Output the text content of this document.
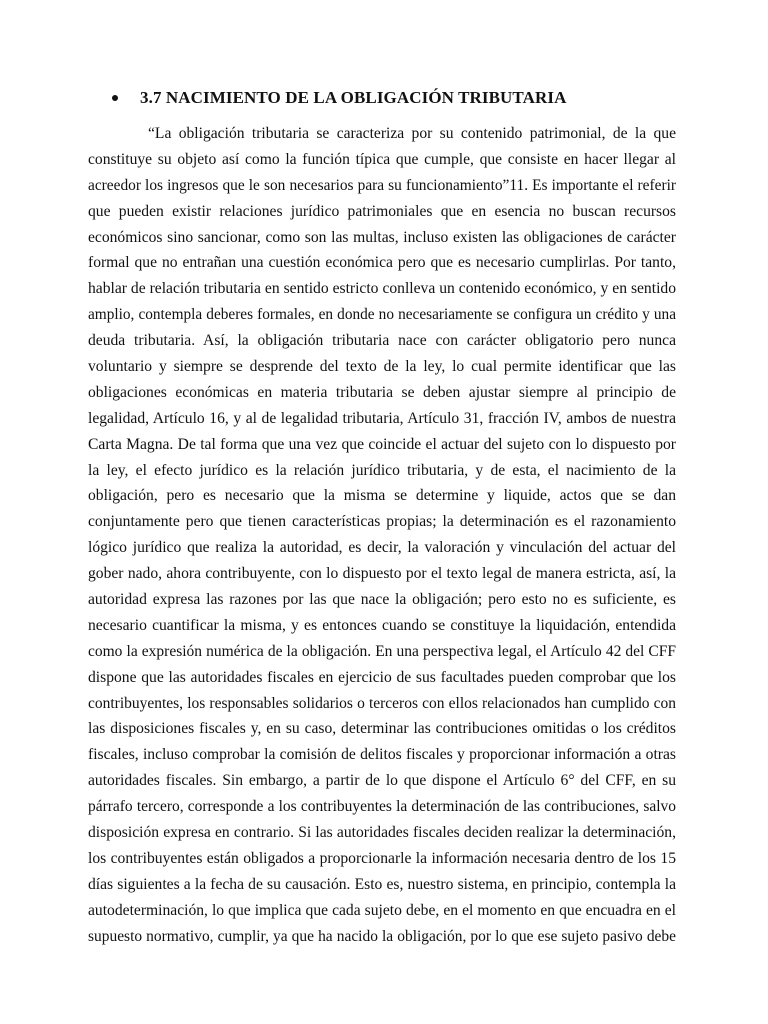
3.7 NACIMIENTO DE LA OBLIGACIÓN TRIBUTARIA
“La obligación tributaria se caracteriza por su contenido patrimonial, de la que
constituye su objeto así como la función típica que cumple, que consiste en hacer llegar al
acreedor los ingresos que le son necesarios para su funcionamiento”11. Es importante el referir
que pueden existir relaciones jurídico patrimoniales que en esencia no buscan recursos
económicos sino sancionar, como son las multas, incluso existen las obligaciones de carácter
formal que no entrañan una cuestión económica pero que es necesario cumplirlas. Por tanto,
hablar de relación tributaria en sentido estricto conlleva un contenido económico, y en sentido
amplio, contempla deberes formales, en donde no necesariamente se configura un crédito y una
deuda tributaria. Así, la obligación tributaria nace con carácter obligatorio pero nunca
voluntario y siempre se desprende del texto de la ley, lo cual permite identificar que las
obligaciones económicas en materia tributaria se deben ajustar siempre al principio de
legalidad, Artículo 16, y al de legalidad tributaria, Artículo 31, fracción IV, ambos de nuestra
Carta Magna. De tal forma que una vez que coincide el actuar del sujeto con lo dispuesto por
la ley, el efecto jurídico es la relación jurídico tributaria, y de esta, el nacimiento de la
obligación, pero es necesario que la misma se determine y liquide, actos que se dan
conjuntamente pero que tienen características propias; la determinación es el razonamiento
lógico jurídico que realiza la autoridad, es decir, la valoración y vinculación del actuar del
gober nado, ahora contribuyente, con lo dispuesto por el texto legal de manera estricta, así, la
autoridad expresa las razones por las que nace la obligación; pero esto no es suficiente, es
necesario cuantificar la misma, y es entonces cuando se constituye la liquidación, entendida
como la expresión numérica de la obligación. En una perspectiva legal, el Artículo 42 del CFF
dispone que las autoridades fiscales en ejercicio de sus facultades pueden comprobar que los
contribuyentes, los responsables solidarios o terceros con ellos relacionados han cumplido con
las disposiciones fiscales y, en su caso, determinar las contribuciones omitidas o los créditos
fiscales, incluso comprobar la comisión de delitos fiscales y proporcionar información a otras
autoridades fiscales. Sin embargo, a partir de lo que dispone el Artículo 6° del CFF, en su
párrafo tercero, corresponde a los contribuyentes la determinación de las contribuciones, salvo
disposición expresa en contrario. Si las autoridades fiscales deciden realizar la determinación,
los contribuyentes están obligados a proporcionarle la información necesaria dentro de los 15
días siguientes a la fecha de su causación. Esto es, nuestro sistema, en principio, contempla la
autodeterminación, lo que implica que cada sujeto debe, en el momento en que encuadra en el
supuesto normativo, cumplir, ya que ha nacido la obligación, por lo que ese sujeto pasivo debe
